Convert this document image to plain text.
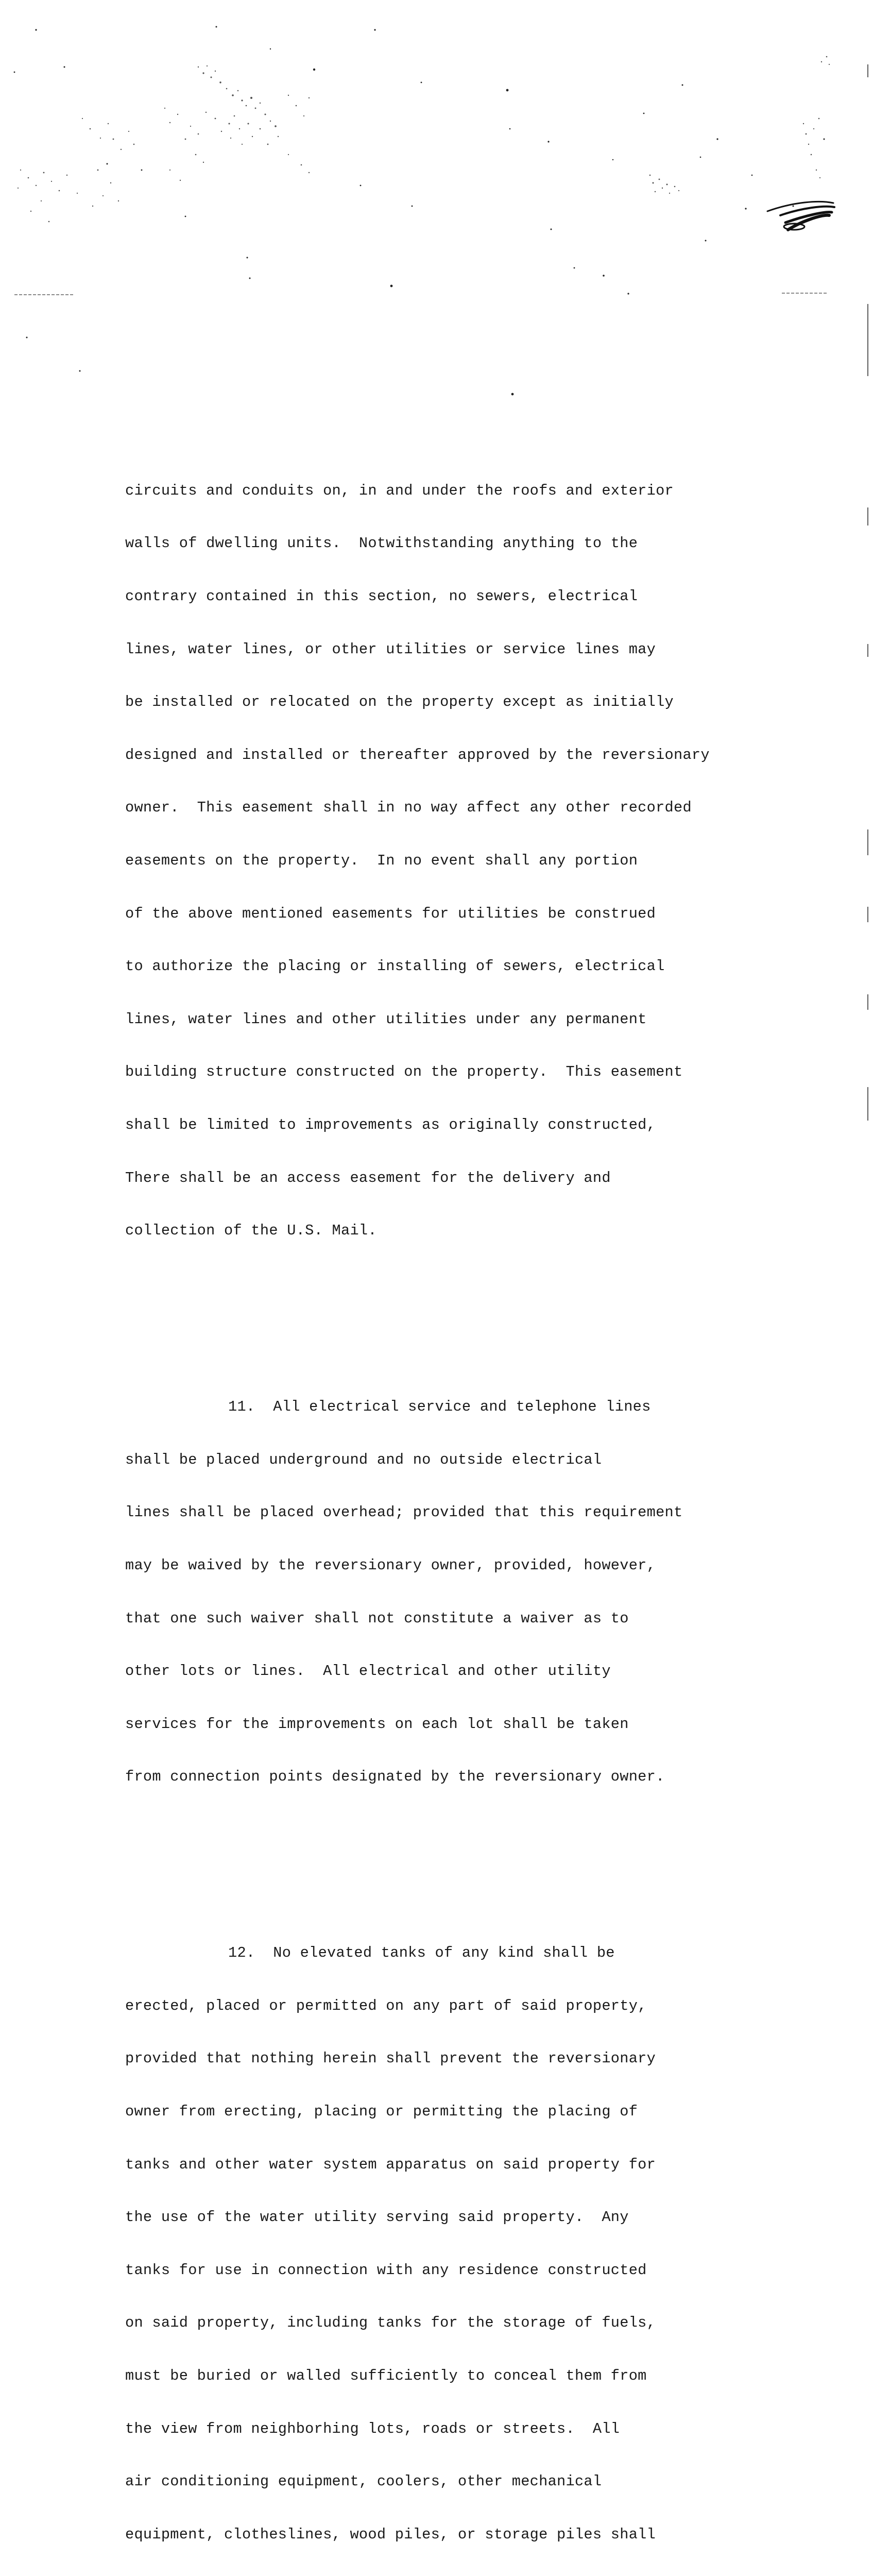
circuits and conduits on, in and under the roofs and exterior

walls of dwelling units.  Notwithstanding anything to the

contrary contained in this section, no sewers, electrical

lines, water lines, or other utilities or service lines may

be installed or relocated on the property except as initially

designed and installed or thereafter approved by the reversionary

owner.  This easement shall in no way affect any other recorded

easements on the property.  In no event shall any portion

of the above mentioned easements for utilities be construed

to authorize the placing or installing of sewers, electrical

lines, water lines and other utilities under any permanent

building structure constructed on the property.  This easement

shall be limited to improvements as originally constructed,

There shall be an access easement for the delivery and

collection of the U.S. Mail.

11.  All electrical service and telephone lines

shall be placed underground and no outside electrical

lines shall be placed overhead; provided that this requirement

may be waived by the reversionary owner, provided, however,

that one such waiver shall not constitute a waiver as to

other lots or lines.  All electrical and other utility

services for the improvements on each lot shall be taken

from connection points designated by the reversionary owner.

12.  No elevated tanks of any kind shall be

erected, placed or permitted on any part of said property,

provided that nothing herein shall prevent the reversionary

owner from erecting, placing or permitting the placing of

tanks and other water system apparatus on said property for

the use of the water utility serving said property.  Any

tanks for use in connection with any residence constructed

on said property, including tanks for the storage of fuels,

must be buried or walled sufficiently to conceal them from

the view from neighborhing lots, roads or streets.  All

air conditioning equipment, coolers, other mechanical

equipment, clotheslines, wood piles, or storage piles shall
